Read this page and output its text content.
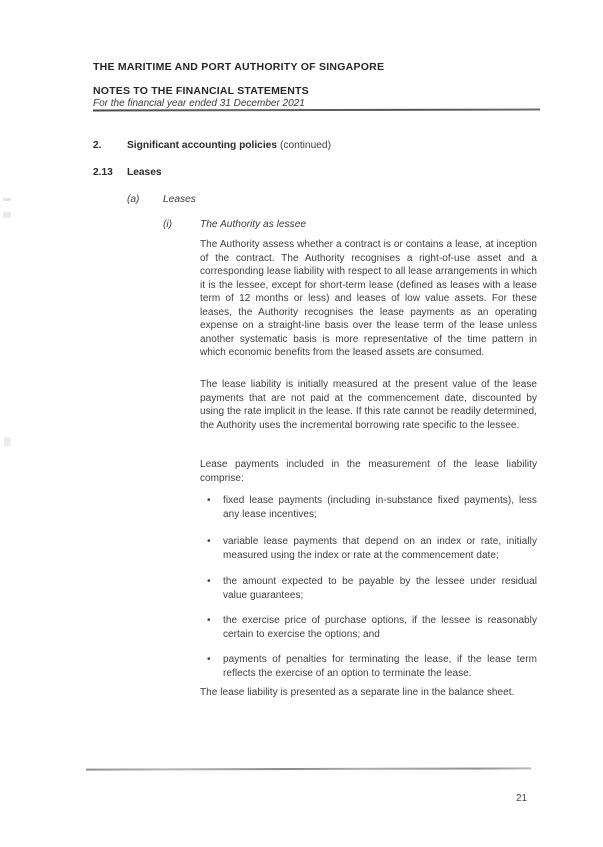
THE MARITIME AND PORT AUTHORITY OF SINGAPORE
NOTES TO THE FINANCIAL STATEMENTS
For the financial year ended 31 December 2021
2.	Significant accounting policies (continued)
2.13 Leases
(a) Leases
(i)	The Authority as lessee
The Authority assess whether a contract is or contains a lease, at inception of the contract. The Authority recognises a right-of-use asset and a corresponding lease liability with respect to all lease arrangements in which it is the lessee, except for short-term lease (defined as leases with a lease term of 12 months or less) and leases of low value assets. For these leases, the Authority recognises the lease payments as an operating expense on a straight-line basis over the lease term of the lease unless another systematic basis is more representative of the time pattern in which economic benefits from the leased assets are consumed.
The lease liability is initially measured at the present value of the lease payments that are not paid at the commencement date, discounted by using the rate implicit in the lease. If this rate cannot be readily determined, the Authority uses the incremental borrowing rate specific to the lessee.
Lease payments included in the measurement of the lease liability comprise:
• fixed lease payments (including in-substance fixed payments), less any lease incentives;
• variable lease payments that depend on an index or rate, initially measured using the index or rate at the commencement date;
• the amount expected to be payable by the lessee under residual value guarantees;
• the exercise price of purchase options, if the lessee is reasonably certain to exercise the options; and
• payments of penalties for terminating the lease, if the lease term reflects the exercise of an option to terminate the lease.
The lease liability is presented as a separate line in the balance sheet.
21
